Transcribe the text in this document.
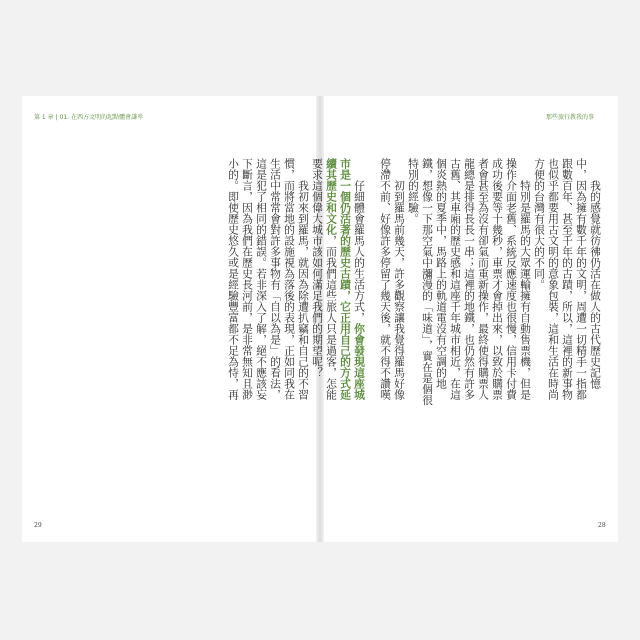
第 1 章 | 01. 在西方文明的起點體會謙卑	那些旅行教我的事

我的感覺就彷彿仍活在做人的古代歷史記憶中，因為擁有數千年的文明，周遭一切精手一指都跟數百年、甚至千年的古蹟，所以，這裡的新事物也似乎都要用古文明的意象包裝，這和生活在時尚方便的台灣有很大的不同。

特別是羅馬的大眾運輸擁有自動售票機，但是操作介面老舊、系統反應速度也很慢，信用卡付費成功後要等十幾秒，車票才會掉出來，以致於購票者會甚至為沒有卻氣而重新操作，最終使得購票人龍總是排得長長一串；這裡的地鐵，也仍然有許多古舊、其車廂的歷史感和這座千年城市相近，在這個炎熱的夏季中，馬路上的軌道電沒有空調的地鐵，想像一下那空氣中瀰漫的「味道」，實在是個很特別的經驗。

初到羅馬前幾天，許多觀察讓我覺得羅馬好像停滯不前、好像許多停留了幾天後，就不得不讚嘆

仔細體會羅馬人的生活方式，你會發現這座城市是一個仍活著的歷史古蹟，它正用自己的方式延續其歷史和文化，而我們這些旅人只是過客，怎能要求這個偉大城市該如何滿足我們的期望呢？

我初來到羅馬，就因為除遭扒竊和自己的不習慣，而將當地的設施視為落後的表現，正如同我在生活中常常會對許多事物有「自以為是」的看法，這是犯了相同的錯誤。若非深入了解，絕不應該妄下斷言，因為我們在歷史長河前，是非常無知且渺小的。即使歷史悠久或是經驗豐富都不足為恃，再

29	28
